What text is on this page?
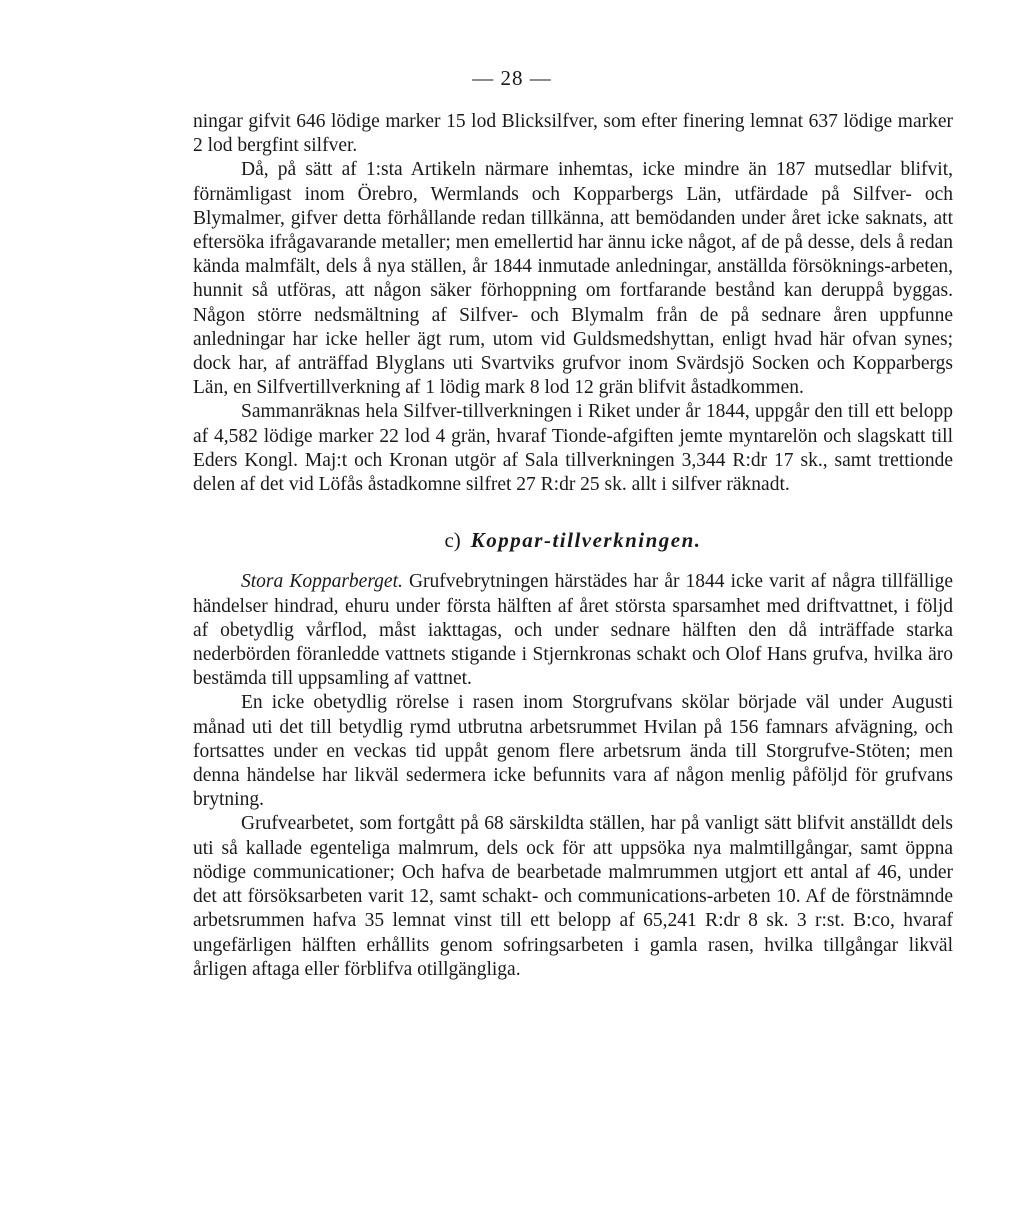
— 28 —

ningar gifvit 646 lödige marker 15 lod Blicksilfver, som efter finering lemnat 637 lödige marker 2 lod bergfint silfver.

Då, på sätt af 1:sta Artikeln närmare inhemtas, icke mindre än 187 mutsedlar blifvit, förnämligast inom Örebro, Wermlands och Kopparbergs Län, utfärdade på Silfver- och Blymalmer, gifver detta förhållande redan tillkänna, att bemödanden under året icke saknats, att eftersöka ifrågavarande metaller; men emellertid har ännu icke något, af de på desse, dels å redan kända malmfält, dels å nya ställen, år 1844 inmutade anledningar, anställda försöknings-arbeten, hunnit så utföras, att någon säker förhoppning om fortfarande bestånd kan deruppå byggas. Någon större nedsmältning af Silfver- och Blymalm från de på sednare åren uppfunne anledningar har icke heller ägt rum, utom vid Guldsmedshyttan, enligt hvad här ofvan synes; dock har, af anträffad Blyglans uti Svartviks grufvor inom Svärdsjö Socken och Kopparbergs Län, en Silfvertillverkning af 1 lödig mark 8 lod 12 grän blifvit åstadkommen.

Sammanräknas hela Silfver-tillverkningen i Riket under år 1844, uppgår den till ett belopp af 4,582 lödige marker 22 lod 4 grän, hvaraf Tionde-afgiften jemte myntarelön och slagskatt till Eders Kongl. Maj:t och Kronan utgör af Sala tillverkningen 3,344 R:dr 17 sk., samt trettionde delen af det vid Löfås åstadkomne silfret 27 R:dr 25 sk. allt i silfver räknadt.

c) Koppar-tillverkningen.

Stora Kopparberget. Grufvebrytningen härstädes har år 1844 icke varit af några tillfällige händelser hindrad, ehuru under första hälften af året största sparsamhet med driftvattnet, i följd af obetydlig vårflod, måst iakttagas, och under sednare hälften den då inträffade starka nederbörden föranledde vattnets stigande i Stjernkronas schakt och Olof Hans grufva, hvilka äro bestämda till uppsamling af vattnet.

En icke obetydlig rörelse i rasen inom Storgrufvans skölar började väl under Augusti månad uti det till betydlig rymd utbrutna arbetsrummet Hvilan på 156 famnars afvägning, och fortsattes under en veckas tid uppåt genom flere arbetsrum ända till Storgrufve-Stöten; men denna händelse har likväl sedermera icke befunnits vara af någon menlig påföljd för grufvans brytning.

Grufvearbetet, som fortgått på 68 särskildta ställen, har på vanligt sätt blifvit anställdt dels uti så kallade egenteliga malmrum, dels ock för att uppsöka nya malmtillgångar, samt öppna nödige communicationer; Och hafva de bearbetade malmrummen utgjort ett antal af 46, under det att försöksarbeten varit 12, samt schakt- och communications-arbeten 10. Af de förstnämnde arbetsrummen hafva 35 lemnat vinst till ett belopp af 65,241 R:dr 8 sk. 3 r:st. B:co, hvaraf ungefärligen hälften erhållits genom sofringsarbeten i gamla rasen, hvilka tillgångar likväl årligen aftaga eller förblifva otillgängliga.
